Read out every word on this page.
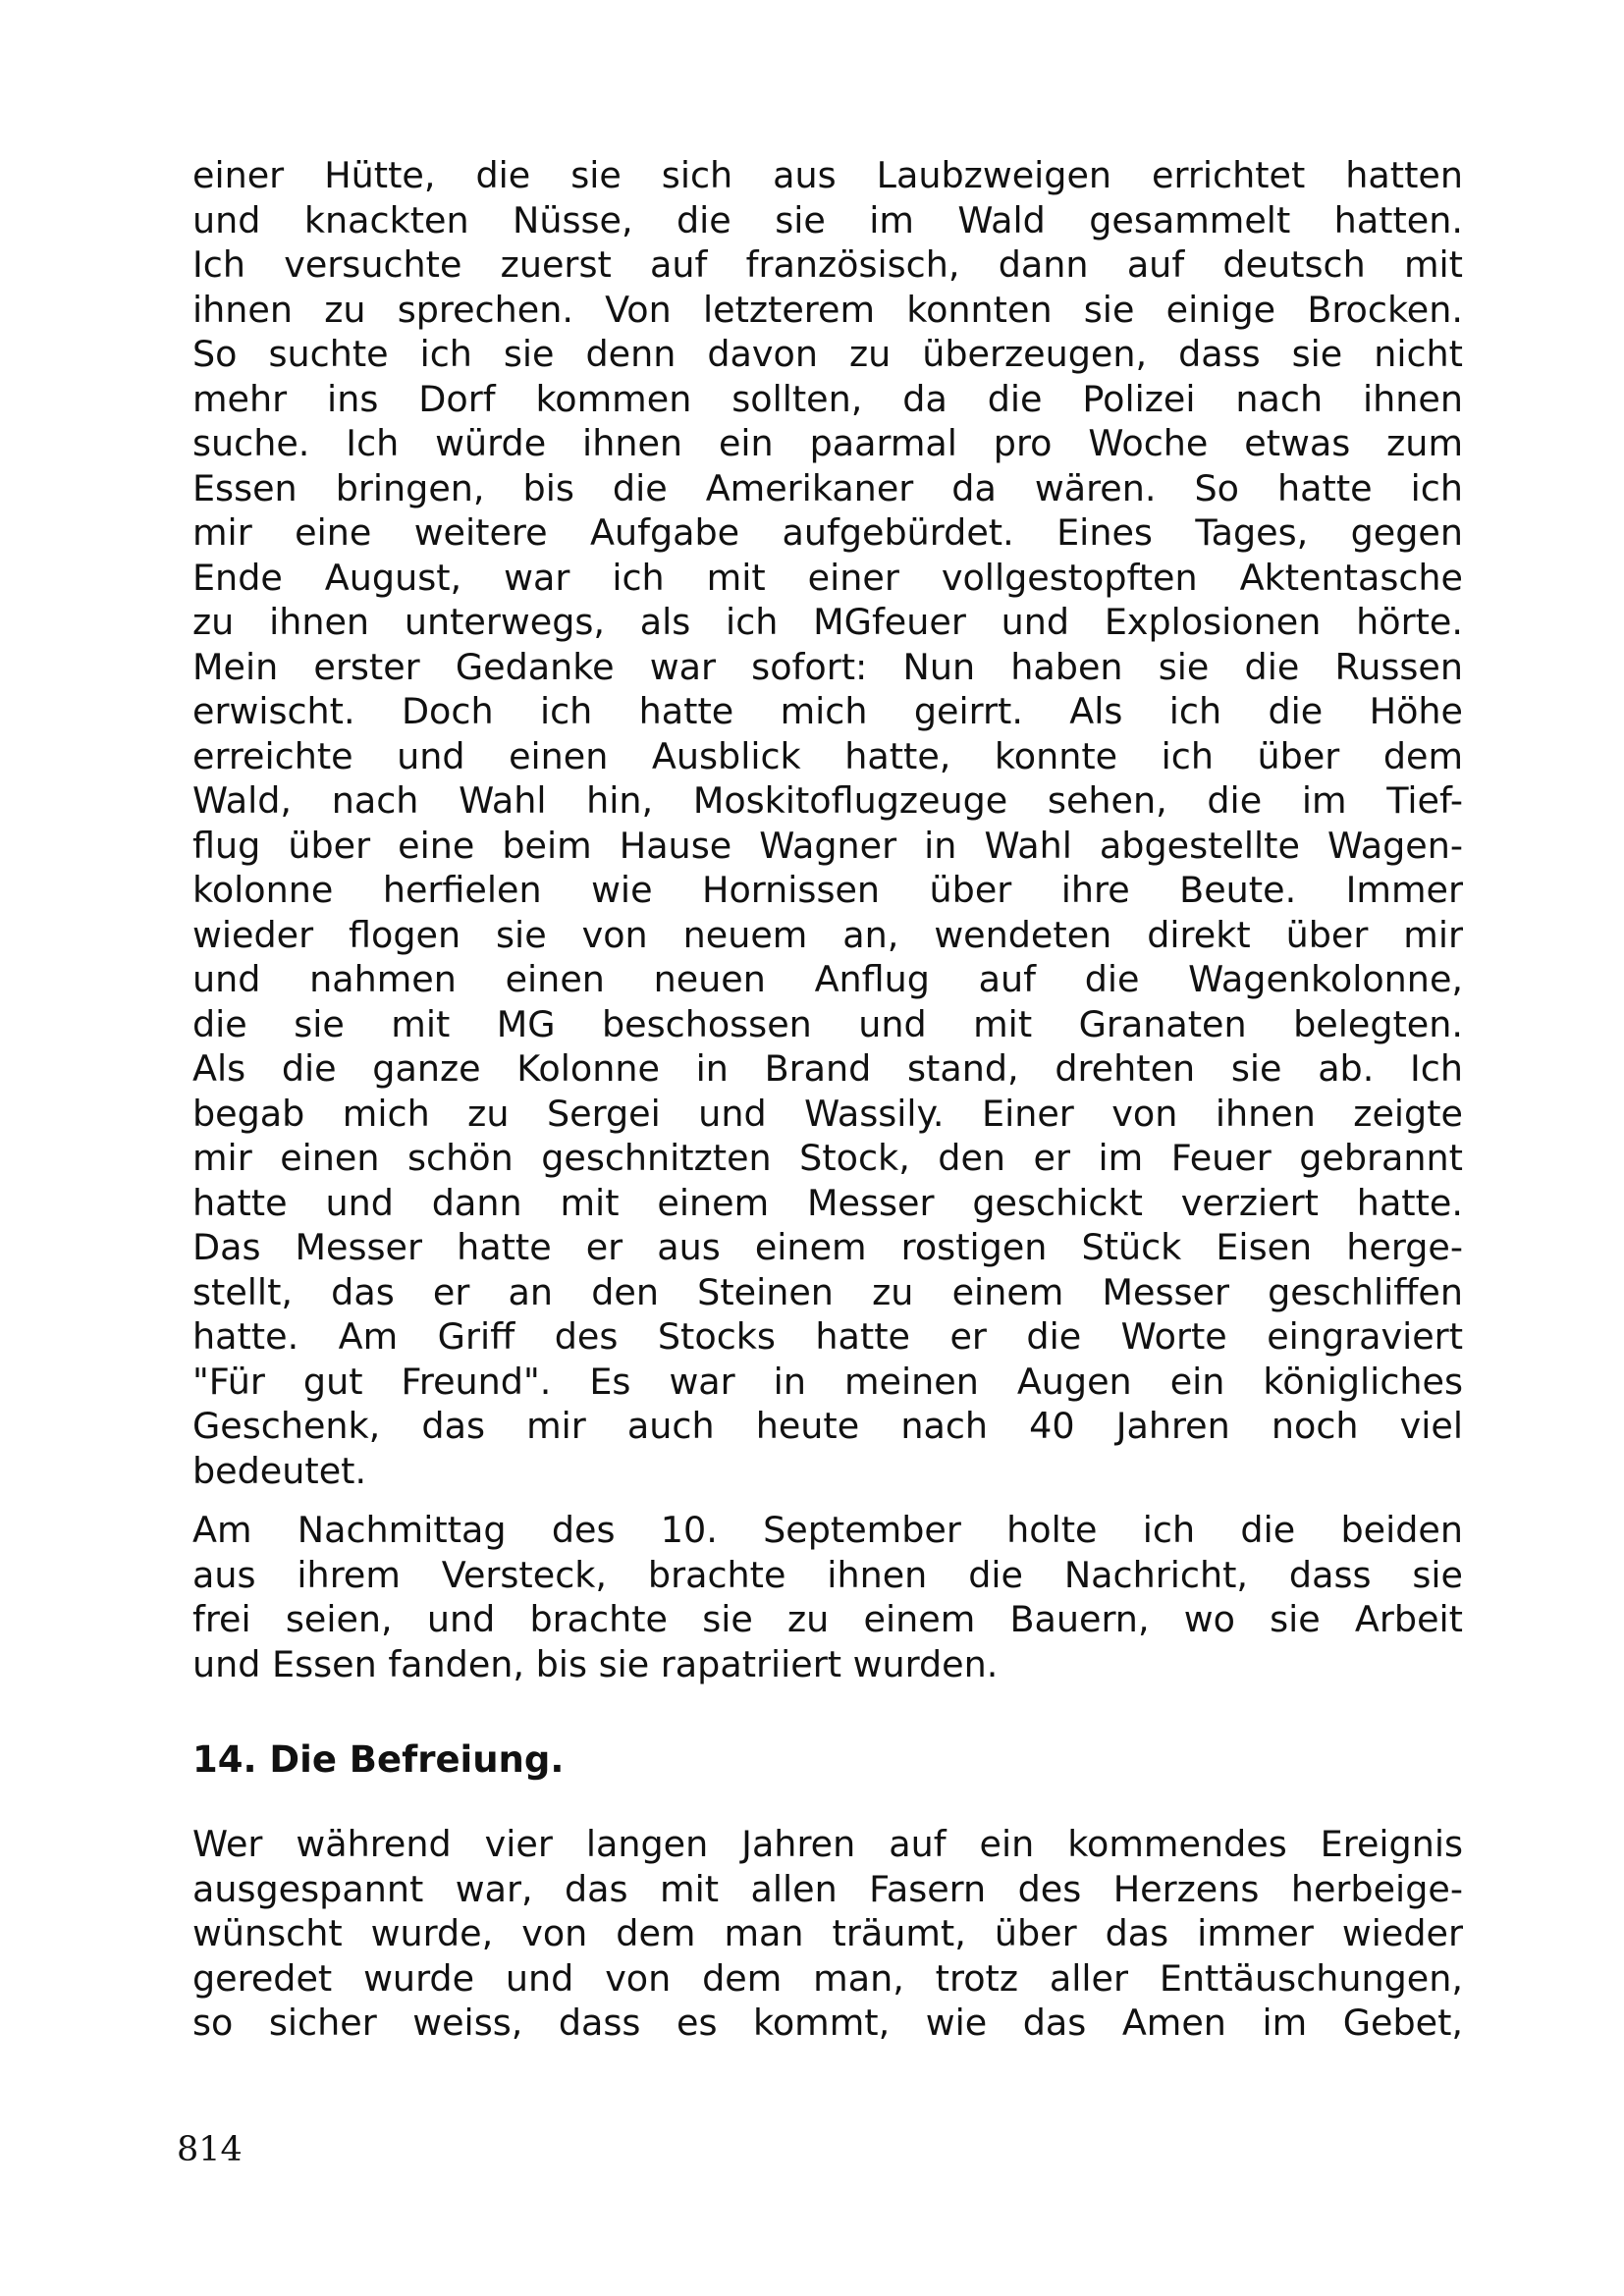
einer Hütte, die sie sich aus Laubzweigen errichtet hatten
und knackten Nüsse, die sie im Wald gesammelt hatten.
Ich versuchte zuerst auf französisch, dann auf deutsch mit
ihnen zu sprechen. Von letzterem konnten sie einige Brocken.
So suchte ich sie denn davon zu überzeugen, dass sie nicht
mehr ins Dorf kommen sollten, da die Polizei nach ihnen
suche. Ich würde ihnen ein paarmal pro Woche etwas zum
Essen bringen, bis die Amerikaner da wären. So hatte ich
mir eine weitere Aufgabe aufgebürdet. Eines Tages, gegen
Ende August, war ich mit einer vollgestopften Aktentasche
zu ihnen unterwegs, als ich MGfeuer und Explosionen hörte.
Mein erster Gedanke war sofort: Nun haben sie die Russen
erwischt. Doch ich hatte mich geirrt. Als ich die Höhe
erreichte und einen Ausblick hatte, konnte ich über dem
Wald, nach Wahl hin, Moskitoflugzeuge sehen, die im Tief-
flug über eine beim Hause Wagner in Wahl abgestellte Wagen-
kolonne herfielen wie Hornissen über ihre Beute. Immer
wieder flogen sie von neuem an, wendeten direkt über mir
und nahmen einen neuen Anflug auf die Wagenkolonne,
die sie mit MG beschossen und mit Granaten belegten.
Als die ganze Kolonne in Brand stand, drehten sie ab. Ich
begab mich zu Sergei und Wassily. Einer von ihnen zeigte
mir einen schön geschnitzten Stock, den er im Feuer gebrannt
hatte und dann mit einem Messer geschickt verziert hatte.
Das Messer hatte er aus einem rostigen Stück Eisen herge-
stellt, das er an den Steinen zu einem Messer geschliffen
hatte. Am Griff des Stocks hatte er die Worte eingraviert
"Für gut Freund". Es war in meinen Augen ein königliches
Geschenk, das mir auch heute nach 40 Jahren noch viel
bedeutet.
Am Nachmittag des 10. September holte ich die beiden
aus ihrem Versteck, brachte ihnen die Nachricht, dass sie
frei seien, und brachte sie zu einem Bauern, wo sie Arbeit
und Essen fanden, bis sie rapatriiert wurden.
14. Die Befreiung.
Wer während vier langen Jahren auf ein kommendes Ereignis
ausgespannt war, das mit allen Fasern des Herzens herbeige-
wünscht wurde, von dem man träumt, über das immer wieder
geredet wurde und von dem man, trotz aller Enttäuschungen,
so sicher weiss, dass es kommt, wie das Amen im Gebet,
814
